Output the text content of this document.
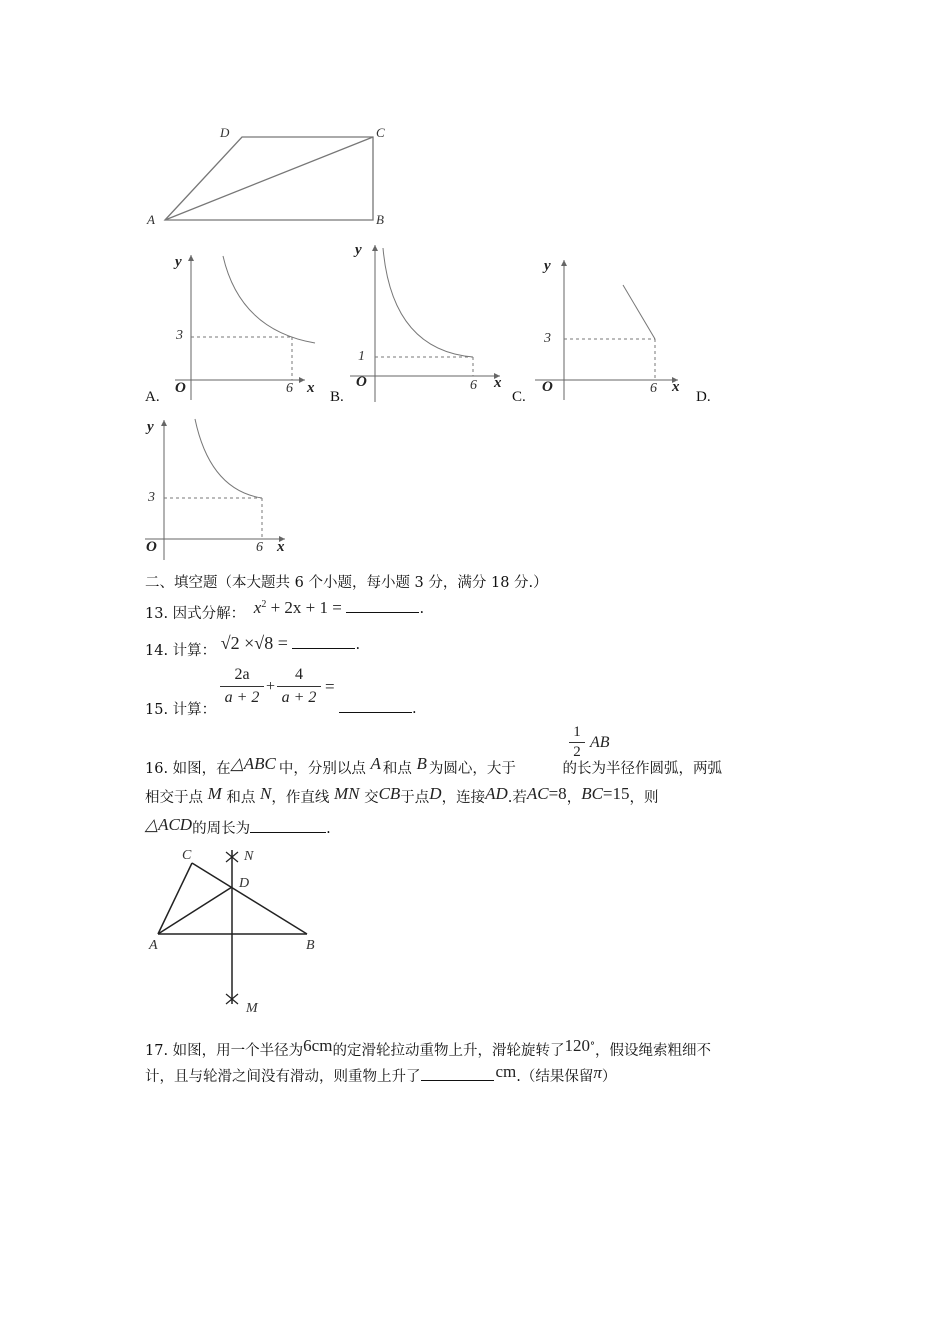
D	C
A	B
y
3
O	6 x
A.
y
1
O	6 x
B.
y
3
O	6 x
C.	D.
y
3
O	6 x
二、填空题（本大题共 6 个小题，每小题 3 分，满分 18 分.）
13. 因式分解： $x^2 + 2x + 1$ =	.
14. 计算： √2 ×√8 =	.
15. 计算：
2a
a + 2
+
4
a + 2
=
.
1
2
AB
16. 如图，在△ABC 中，分别以点 A 和点 B 为圆心，大于	的长为半径作圆弧，两弧
相交于点 M 和点 N，作直线 MN 交CB于点D，连接AD.若AC=8，BC=15，则
△ACD的周长为	.
C
D
N
A	B
M
17. 如图，用一个半径为6cm的定滑轮拉动重物上升，滑轮旋转了120°，假设绳索粗细不
计，且与轮滑之间没有滑动，则重物上升了	cm.（结果保留π）
